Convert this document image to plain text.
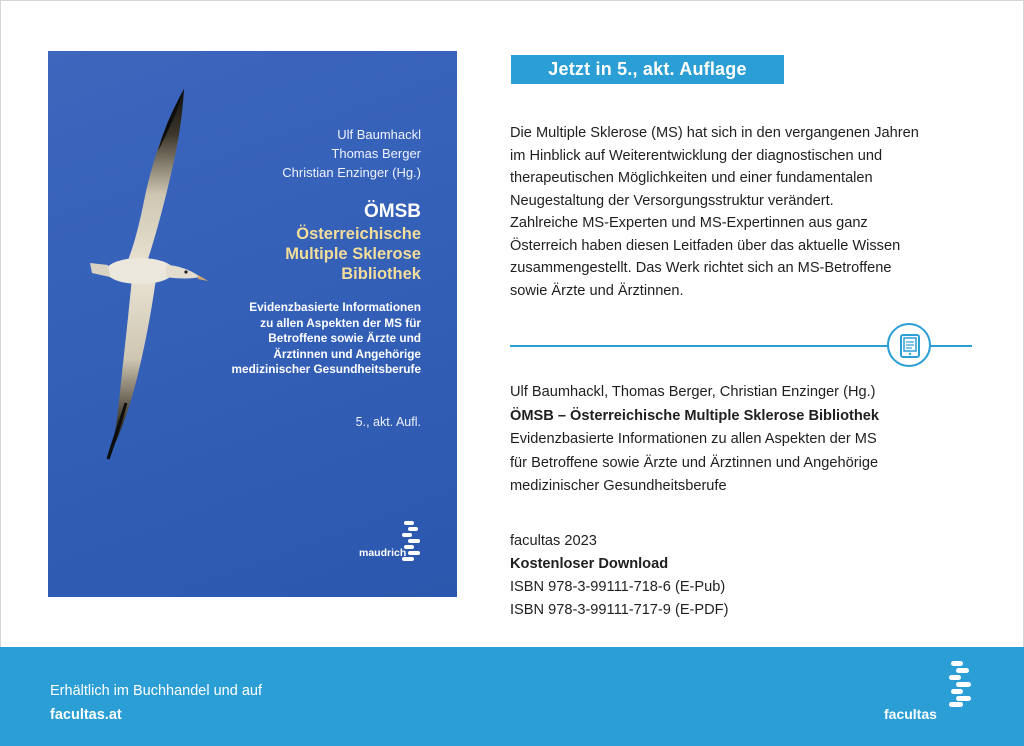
Ulf Baumhackl
Thomas Berger
Christian Enzinger (Hg.)
ÖMSB
Österreichische
Multiple Sklerose
Bibliothek
Evidenzbasierte Informationen
zu allen Aspekten der MS für
Betroffene sowie Ärzte und
Ärztinnen und Angehörige
medizinischer Gesundheitsberufe
5., akt. Aufl.
maudrich
Jetzt in 5., akt. Auflage
Die Multiple Sklerose (MS) hat sich in den vergangenen Jahren
im Hinblick auf Weiterentwicklung der diagnostischen und
therapeutischen Möglichkeiten und einer fundamentalen
Neugestaltung der Versorgungsstruktur verändert.
Zahlreiche MS-Experten und MS-Expertinnen aus ganz
Österreich haben diesen Leitfaden über das aktuelle Wissen
zusammengestellt. Das Werk richtet sich an MS-Betroffene
sowie Ärzte und Ärztinnen.
Ulf Baumhackl, Thomas Berger, Christian Enzinger (Hg.)
ÖMSB – Österreichische Multiple Sklerose Bibliothek
Evidenzbasierte Informationen zu allen Aspekten der MS
für Betroffene sowie Ärzte und Ärztinnen und Angehörige
medizinischer Gesundheitsberufe
facultas 2023
Kostenloser Download
ISBN 978-3-99111-718-6 (E-Pub)
ISBN 978-3-99111-717-9 (E-PDF)
Erhältlich im Buchhandel und auf
facultas.at	facultas
